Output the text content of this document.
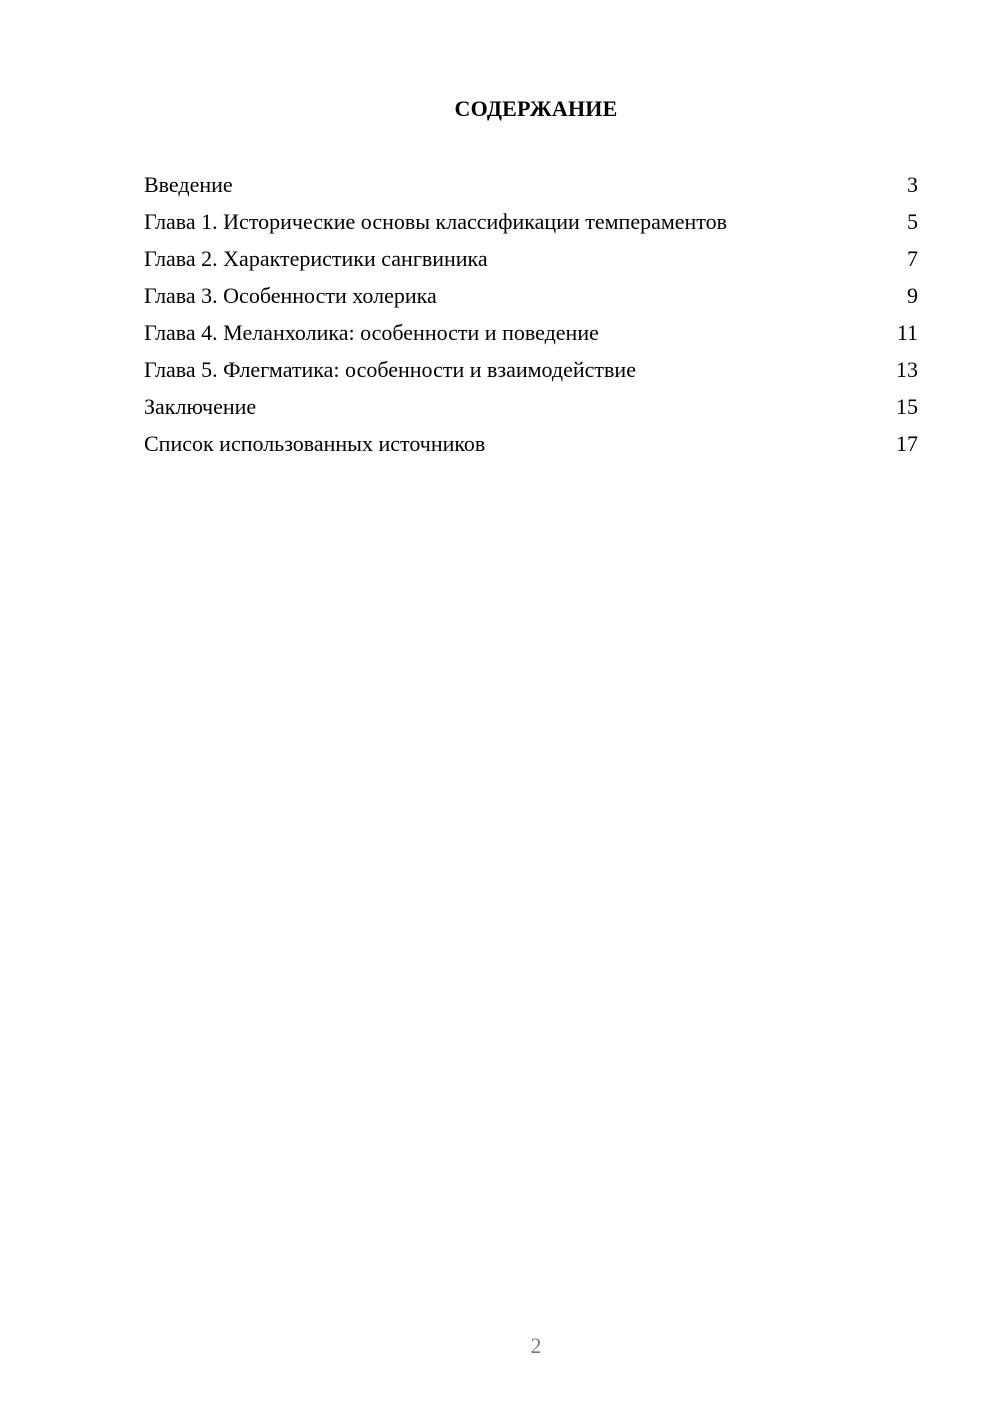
СОДЕРЖАНИЕ
Введение	3
Глава 1. Исторические основы классификации темпераментов	5
Глава 2. Характеристики сангвиника	7
Глава 3. Особенности холерика	9
Глава 4. Меланхолика: особенности и поведение	11
Глава 5. Флегматика: особенности и взаимодействие	13
Заключение	15
Список использованных источников	17
2
